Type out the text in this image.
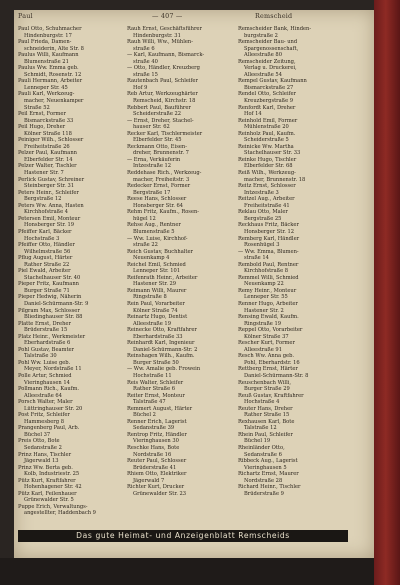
Paul	— 407 —	Remscheid
Paul Otto, Schuhmacher
Hindenburgstr. 17
Paul Frieda, Damen-
schneiderin, Alte Str. 8
Paulus Willi, Kaufmann
Blumenstraße 21
Paulus Ww. Emma geb.
Schmidt, Rosenstr. 12
Pauli Hermann, Arbeiter
Lenneper Str. 45
Pauli Karl, Werkzeug-
macher, Neuenkamper
Straße 52
Peil Ernst, Former
Bismarckstraße 33
Peil Hugo, Dreher
Kölner Straße 118
Peiniger Wilh., Schlosser
Freiheitstraße 26
Pelzer Paul, Kaufmann
Elberfelder Str. 14
Pelzer Walter, Tischler
Hastener Str. 7
Perlick Gustav, Schreiner
Steinberger Str. 31
Peters Heinr., Schleifer
Bergstraße 12
Peters Ww. Anna, Hasten
Kirchhofstraße 4
Petersen Emil, Monteur
Honsberger Str. 19
Pfeiffer Karl, Bäcker
Hochstraße 3
Pfeiffer Otto, Händler
Wilhelmstraße 56
Pflug August, Härter
Rather Straße 22
Piel Ewald, Arbeiter
Stachelhauser Str. 40
Pieper Fritz, Kaufmann
Burger Straße 71
Pieper Hedwig, Näherin
Daniel-Schürmann-Str. 9
Pilgram Max, Schlosser
Bliedinghauser Str. 88
Platte Ernst, Dreher
Brüderstraße 15
Platz Heinr., Werkmeister
Eberhardstraße 6
Pohl Gustav, Beamter
Talstraße 30
Pohl Ww. Luise geb.
Meyer, Nordstraße 11
Polle Artur, Schmied
Vieringhausen 14
Pollmann Rich., Kaufm.
Alleestraße 64
Porsch Walter, Maler
Lüttringhauser Str. 20
Post Fritz, Schleifer
Hammesberg 8
Prangenberg Paul, Arb.
Büchel 37
Preis Otto, Bote
Sedanstraße 2
Prinz Hans, Tischler
Jägerwald 13
Prinz Ww. Berta geb.
Kolb, Industriestr. 25
Pütz Kurt, Kraftfahrer
Hohenhagener Str. 42
Pütz Karl, Feilenhauer
Grünewalder Str. 5
Puppe Erich, Verwaltungs-
angestellter, Haddenbach 9
Rauh Ernst, Geschäftsführer
Hindenburgstr. 31
Rauh Willi, Ww., Mühlen-
straße 6
— Karl, Kaufmann, Bismarck-
straße 40
— Otto, Händler, Kreuzberg
straße 15
Rautenbach Paul, Schleifer
Hof 9
Reb Artur, Werkzeughärter
Remscheid, Kirchstr. 18
Rebbert Paul, Bauführer
Scheiderstraße 22
— Ernst, Dreher, Stachel-
hauser Str. 62
Recker Karl, Tischlermeister
Elberfelder Str. 45
Reckmann Otto, Eisen-
dreher, Brunnenstr. 7
— Erna, Verkäuferin
Intzestraße 12
Reddehase Rich., Werkzeug-
macher, Freiheitstr. 3
Redecker Ernst, Former
Bergstraße 17
Reese Hans, Schlosser
Honsberger Str. 64
Rehm Fritz, Kaufm., Rosen-
hügel 12
Rehse Aug., Rentner
Blumenstraße 5
— Ww. Luise, Kirchhof-
straße 22
Reich Gustav, Buchhalter
Neuenkamp 4
Reichel Emil, Schmied
Lenneper Str. 101
Reifenrath Heinr., Arbeiter
Hastener Str. 29
Reimann Willi, Maurer
Ringstraße 8
Rein Paul, Vorarbeiter
Kölner Straße 74
Reinartz Hugo, Dentist
Alleestraße 19
Reinecke Otto, Kraftfahrer
Eberhardstraße 33
Reinhardt Karl, Ingenieur
Daniel-Schürmann-Str. 2
Reinshagen Wilh., Kaufm.
Burger Straße 50
— Ww. Amalie geb. Frowein
Hochstraße 11
Reis Walter, Schleifer
Rather Straße 6
Reiter Ernst, Monteur
Talstraße 47
Remmert August, Härter
Büchel 2
Renner Erich, Lagerist
Sedanstraße 39
Rentrop Fritz, Händler
Vieringhausen 30
Reschke Hans, Bote
Nordstraße 16
Reuter Paul, Schlosser
Brüderstraße 41
Rhiem Otto, Elektriker
Jägerwald 7
Richter Kurt, Drucker
Grünewalder Str. 23
Remscheider Bank, Hinden-
burgstraße 2
Remscheider Bau- und
Spargenossenschaft,
Alleestraße 80
Remscheider Zeitung,
Verlag u. Druckerei,
Alleestraße 54
Rempel Gustav, Kaufmann
Bismarckstraße 27
Rendel Otto, Schleifer
Kreuzbergstraße 9
Renfordt Karl, Dreher
Hof 14
Reinhold Emil, Former
Mühlenstraße 20
Reinholz Paul, Kaufm.
Scheiderstraße 5
Reinicke Ww. Martha
Stachelhauser Str. 33
Reinke Hugo, Tischler
Elberfelder Str. 68
Reiß Wilh., Werkzeug-
macher, Brunnenstr. 18
Reitz Ernst, Schlosser
Intzestraße 3
Reitzel Aug., Arbeiter
Freiheitstraße 41
Reklau Otto, Maler
Bergstraße 25
Reckhaus Fritz, Bäcker
Honsberger Str. 12
Remberg Karl, Händler
Rosenhügel 3
— Ww. Emma, Blumen-
straße 14
Rembold Paul, Rentner
Kirchhofstraße 8
Remmel Willi, Schmied
Neuenkamp 22
Remy Heinr., Monteur
Lenneper Str. 55
Renner Hugo, Arbeiter
Hastener Str. 2
Rensing Ewald, Kaufm.
Ringstraße 19
Reppel Otto, Vorarbeiter
Kölner Straße 37
Rescher Kurt, Former
Alleestraße 91
Resch Ww. Anna geb.
Pohl, Eberhardstr. 16
Rettberg Ernst, Härter
Daniel-Schürmann-Str. 8
Reuschenbach Willi,
Burger Straße 29
Reuß Gustav, Kraftfahrer
Hochstraße 4
Reuter Hans, Dreher
Rather Straße 15
Rexhausen Karl, Bote
Talstraße 12
Rhein Paul, Schleifer
Büchel 19
Rheinländer Otto,
Sedanstraße 6
Ribbeck Aug., Lagerist
Vieringhausen 5
Richartz Ernst, Maurer
Nordstraße 28
Richard Heinr., Tischler
Brüderstraße 9
Das gute Heimat- und Anzeigenblatt Remscheids
